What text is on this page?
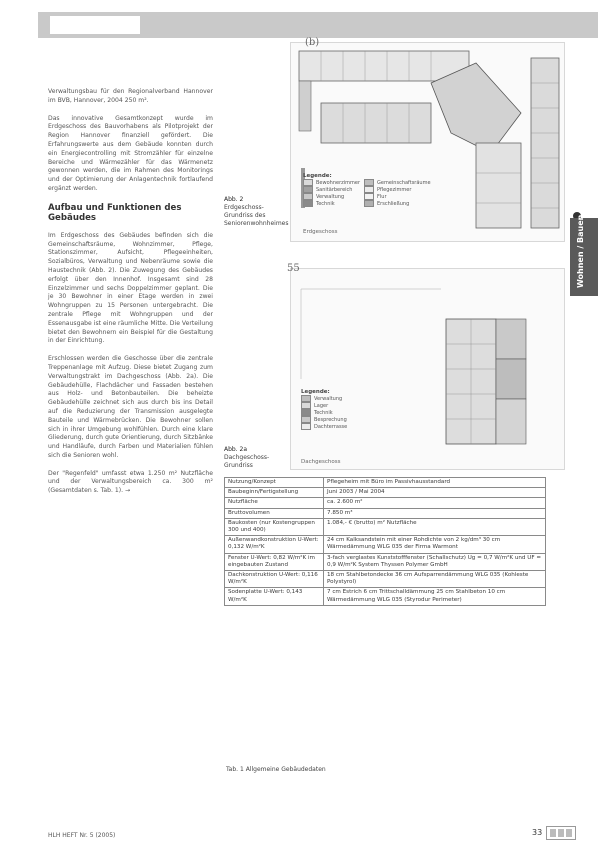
Verwaltungsbau für den Regionalverband Hannover im BVB, Hannover, 2004 250 m².

Das innovative Gesamtkonzept wurde im Erdgeschoss des Bauvorhabens als Pilotprojekt der Region Hannover finanziell gefördert. Die Erfahrungswerte aus dem Gebäude konnten durch ein Energiecontrolling mit Stromzähler für einzelne Bereiche und Wärmezähler für das Wärmenetz gewonnen werden, die im Rahmen des Monitorings und der Optimierung der Anlagentechnik fortlaufend ergänzt werden.

Aufbau und Funktionen des Gebäudes

Im Erdgeschoss des Gebäudes befinden sich die Gemeinschaftsräume, Wohnzimmer, Pflege, Stationszimmer, Aufsicht, Pflegeeinheiten, Sozialbüros, Verwaltung und Nebenräume sowie die Haustechnik (Abb. 2). Die Zuwegung des Gebäudes erfolgt über den Innenhof. Insgesamt sind 28 Einzelzimmer und sechs Doppelzimmer geplant. Die je 30 Bewohner in einer Etage werden in zwei Wohngruppen zu 15 Personen untergebracht. Die zentrale Pflege mit Wohngruppen und der Essenausgabe ist eine räumliche Mitte. Die Verteilung bietet den Bewohnern ein Beispiel für die Gestaltung in der Einrichtung.

Erschlossen werden die Geschosse über die zentrale Treppenanlage mit Aufzug. Diese bietet Zugang zum Verwaltungstrakt im Dachgeschoss (Abb. 2a). Die Gebäudehülle, Flachdächer und Fassaden bestehen aus Holz- und Betonbauteilen. Die beheizte Gebäudehülle zeichnet sich aus durch bis ins Detail auf die Reduzierung der Transmission ausgelegte Bauteile und Wärmebrücken. Die Bewohner sollen sich in ihrer Umgebung wohlfühlen. Durch eine klare Gliederung, durch gute Orientierung, durch Sitzbänke und Handläufe, durch Farben und Materialien fühlen sich die Senioren wohl.

Der "Regenfeld" umfasst etwa 1.250 m² Nutzfläche und der Verwaltungsbereich ca. 300 m² (Gesamtdaten s. Tab. 1). →

(b)
Legende:
Bewohnerzimmer	Gemeinschaftsräume
Sanitärbereich	Pflegezimmer
Verwaltung	Flur
Technik	Erschließung
Erdgeschoss
Abb. 2
Erdgeschoss-Grundriss des Seniorenwohnheimes
55
Legende:
Verwaltung
Lager
Technik
Besprechung
Dachterrasse
Dachgeschoss
Abb. 2a
Dachgeschoss-Grundriss
Wohnen / Bauen
Nutzung/Konzept	Pflegeheim mit Büro im Passivhausstandard
Baubeginn/Fertigstellung	Juni 2003 / Mai 2004
Nutzfläche	ca. 2.600 m²
Bruttovolumen	7.850 m³
Baukosten (nur Kostengruppen 300 und 400)	1.084,- € (brutto) m² Nutzfläche
Außenwandkonstruktion U-Wert: 0,132 W/m²K	24 cm Kalksandstein mit einer Rohdichte von 2 kg/dm³ 30 cm Wärmedämmung WLG 035 der Firma Warmont
Fenster U-Wert: 0,82 W/m²K im eingebauten Zustand	3-fach verglastes Kunststofffenster (Schallschutz) Ug = 0,7 W/m²K und UF = 0,9 W/m²K System Thyssen Polymer GmbH
Dachkonstruktion U-Wert: 0,116 W/m²K	18 cm Stahlbetondecke 36 cm Aufsparrendämmung WLG 035 (Kohleste Polystyrol)
Sodenplatte U-Wert: 0,143 W/m²K	7 cm Estrich 6 cm Trittschalldämmung 25 cm Stahlbeton 10 cm Wärmedämmung WLG 035 (Styrodur Perimeter)
Tab. 1 Allgemeine Gebäudedaten
HLH HEFT Nr. 5 (2005)	33
